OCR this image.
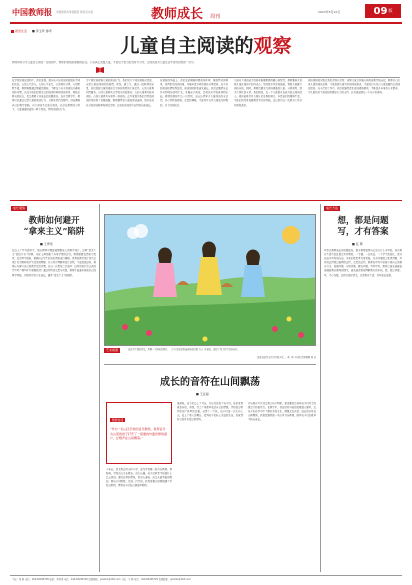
中国教师报 中国教育改革领跑者 教育家办报	教师成长 周刊
2023年5月10日	09 版
视觉生活 ■ 李玉环 参考
儿童自主阅读的观察
教师如何引导儿童自主阅读？在阅读中，教师的观察是重要的起点。只有真正读懂儿童，才能给予恰当的支持与引导，让阅读成为儿童生活中自然而然的一部分。
在学校的阅读活动中，我们发现，很多孩子在阅读时表现出不同的状态：有的专注投入，有的心不在焉，有的喜欢分享，有的默默不语。教师需要通过细致的观察，了解每个孩子的阅读兴趣和阅读习惯，从而为他们提供适合的阅读材料和阅读指导。观察是教育的起点，也是教师专业成长的重要途径。在日常教学中，教师可以通过记录儿童的阅读行为，分析其背后的原因，进而调整自己的教学策略。自主阅读不是放任阅读，而是在教师的引导下，儿童逐渐形成的一种主动的、持续的阅读行为。
为了更好地观察儿童的阅读行为，我们设计了阅读观察记录表，记录儿童在阅读时的表情、动作、语言等。通过一段时间的记录，我们发现儿童的阅读行为存在明显的个体差异。有的儿童喜欢图画书，有的儿童喜欢文字较多的故事书；有的儿童喜欢独自阅读，有的儿童喜欢与同伴一起阅读。这些发现为我们后续的阅读指导提供了重要依据。教师要尊重儿童的阅读选择，给予他们充分的阅读时间和阅读空间，让他们在阅读中获得快乐和成长。
在观察的基础上，我们尝试调整班级阅读环境：增加图书的种类，设置舒适的阅读角，开展丰富多样的阅读分享活动。孩子们的阅读热情明显提高，阅读的时间也越来越长。我们还邀请家长参与到阅读活动中来，开展亲子阅读，让阅读从学校延伸到家庭。教师的观察不是一次性的，而应该贯穿于儿童阅读的全过程。只有持续地观察、反思和调整，才能真正支持儿童成为积极的、自主的阅读者。
儿童自主阅读能力的培养需要教师的耐心和智慧。教师要善于发现儿童在阅读中的闪光点，及时给予肯定和鼓励，帮助儿童建立阅读自信。同时，教师也要关注阅读困难的儿童，分析原因，给予个别化的支持。我们相信，每一个儿童都可以成为热爱阅读的人。阅读能够打开儿童认识世界的窗口，丰富他们的精神生活，为他们的终身发展奠定坚实的基础。这是我们每一位教育工作者共同的追求。
阅读观察的实践让我们深刻认识到：读懂儿童是开展有效阅读教学的前提。教师只有走进儿童的阅读世界，才能发现儿童真实的阅读需求，才能设计出符合儿童发展特点的阅读活动。在今后的工作中，我们将继续深化阅读观察研究，不断提升自身的专业素养，为儿童的自主阅读提供更加有力的支持，让书香浸润每一个孩子的童年。
成长观察
教师如何避开
“拿来主义”陷阱
■ 王秀英
在以上了学习活动中，很多教师习惯直接照搬他人的教学设计，这种“拿来主义”看似节省了时间，实际上却忽略了自身学情的差异。教师需要在借鉴中思考，在思考中创新，根据自己学生的实际情况进行调整。优秀的教学设计背后是设计者对教材和学生的深刻理解，只有真正理解其设计意图，才能灵活运用。教师应当建立自己的教学反思习惯，在每一次借鉴之后追问：这样的设计适合我的学生吗？哪些环节需要改进？通过持续的反思与实践，教师才能逐步形成自己的教学风格，实现真正的专业成长，避开“拿来主义”的陷阱。
艺术视窗	以花为主题的作品，用画一个阳光的春日，三个小女孩提着装满鲜花的篮子在户外游玩，表达了对美好生活的向往。
湖北省武汉市江岸区某小学二（2）班 李可欣 指导教师 刘 芳
成长方法
想，都是问题
写，才有答案
■ 张 辉
写作是教师成长的重要途径。很多教师觉得自己没有什么可写的，其实教育生活中处处都是写作素材。一节课、一次谈话、一个学生的变化，都可以成为写作的内容。当我们把思考付诸笔端，许多问题就会变得清晰。写作的过程就是梳理的过程、反思的过程。教师在写作中重新审视自己的教育行为，发现问题、分析问题、解决问题。坚持写作，教师会越来越敏锐地捕捉教育现场的细节，越来越深刻地理解教育的本质。想，都是问题；写，才有答案。让我们拿起笔来，记录教育生活，书写成长故事。
成长的音符在山间飘荡
■ 王亚丽
教师自述
“作为一名山区学校的音乐教师，我用音乐为山里的孩子打开了一扇通向外面世界的窗户，让歌声在山间飘荡。”
十年前，我来到这所山区小学，成为学校唯一的音乐教师。那时候，学校没有音乐教室，没有乐器，孩子们甚至不知道什么是五线谱。面对这样的情况，我没有退缩，而是从最基础的教起，教孩子们唱歌、识谱、打节拍。我利用课余时间组建了学校合唱团，带领孩子们在山间放声歌唱。
渐渐地，孩子们爱上了音乐，音乐也改变了孩子们。他们变得更加自信、开朗，学会了用歌声表达自己的情感。学校的合唱团参加了县里的比赛，获得了一等奖，孩子们第一次走出大山，站上了更大的舞台。看到孩子们脸上洋溢的笑容，我觉得所有的付出都是值得的。
音乐教育不仅仅是教会孩子唱歌，更重要的是培养孩子们对美的感受力和创造力。在教学中，我尝试将当地的民歌融入课堂，让孩子们在学习中了解家乡的文化，增强文化自信。成长的音符在山间飘荡，我愿意继续做一名山区音乐教师，陪伴孩子们在歌声中快乐成长。
主编：郑 莉 电话：010-82296738 编辑：刘亚雯 电话：010-82296726 投稿邮箱：jsczzkx@163.com 美编：王 晓 电话：010-82296729 投稿邮箱：jsczzkx@163.com
